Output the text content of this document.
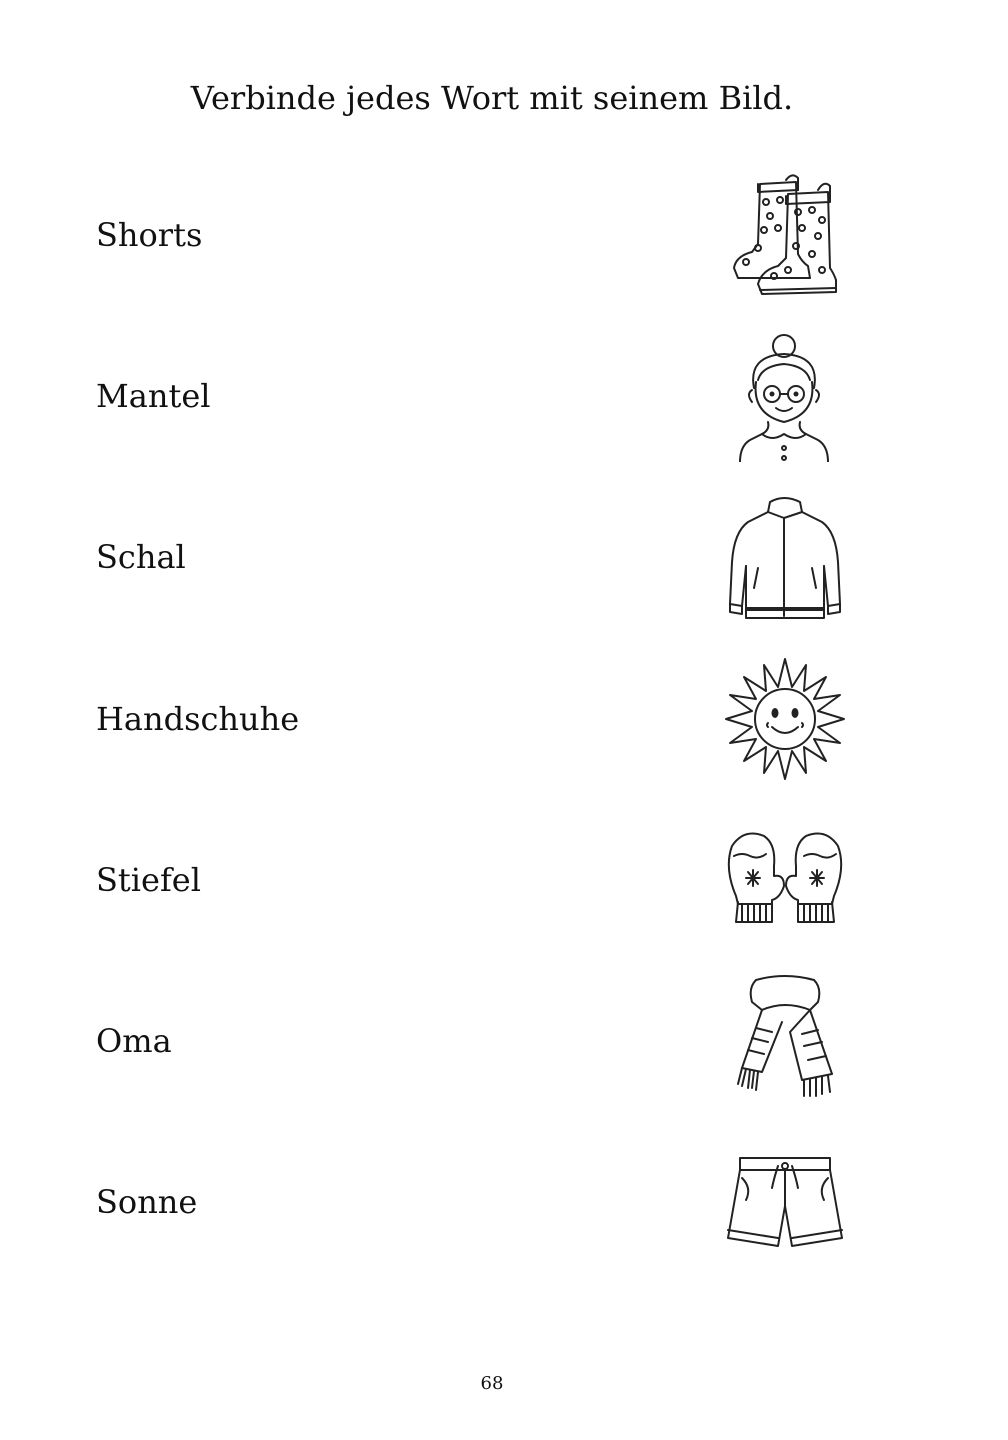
Verbinde jedes Wort mit seinem Bild.
Shorts
Mantel
Schal
Handschuhe
Stiefel
Oma
Sonne
68
